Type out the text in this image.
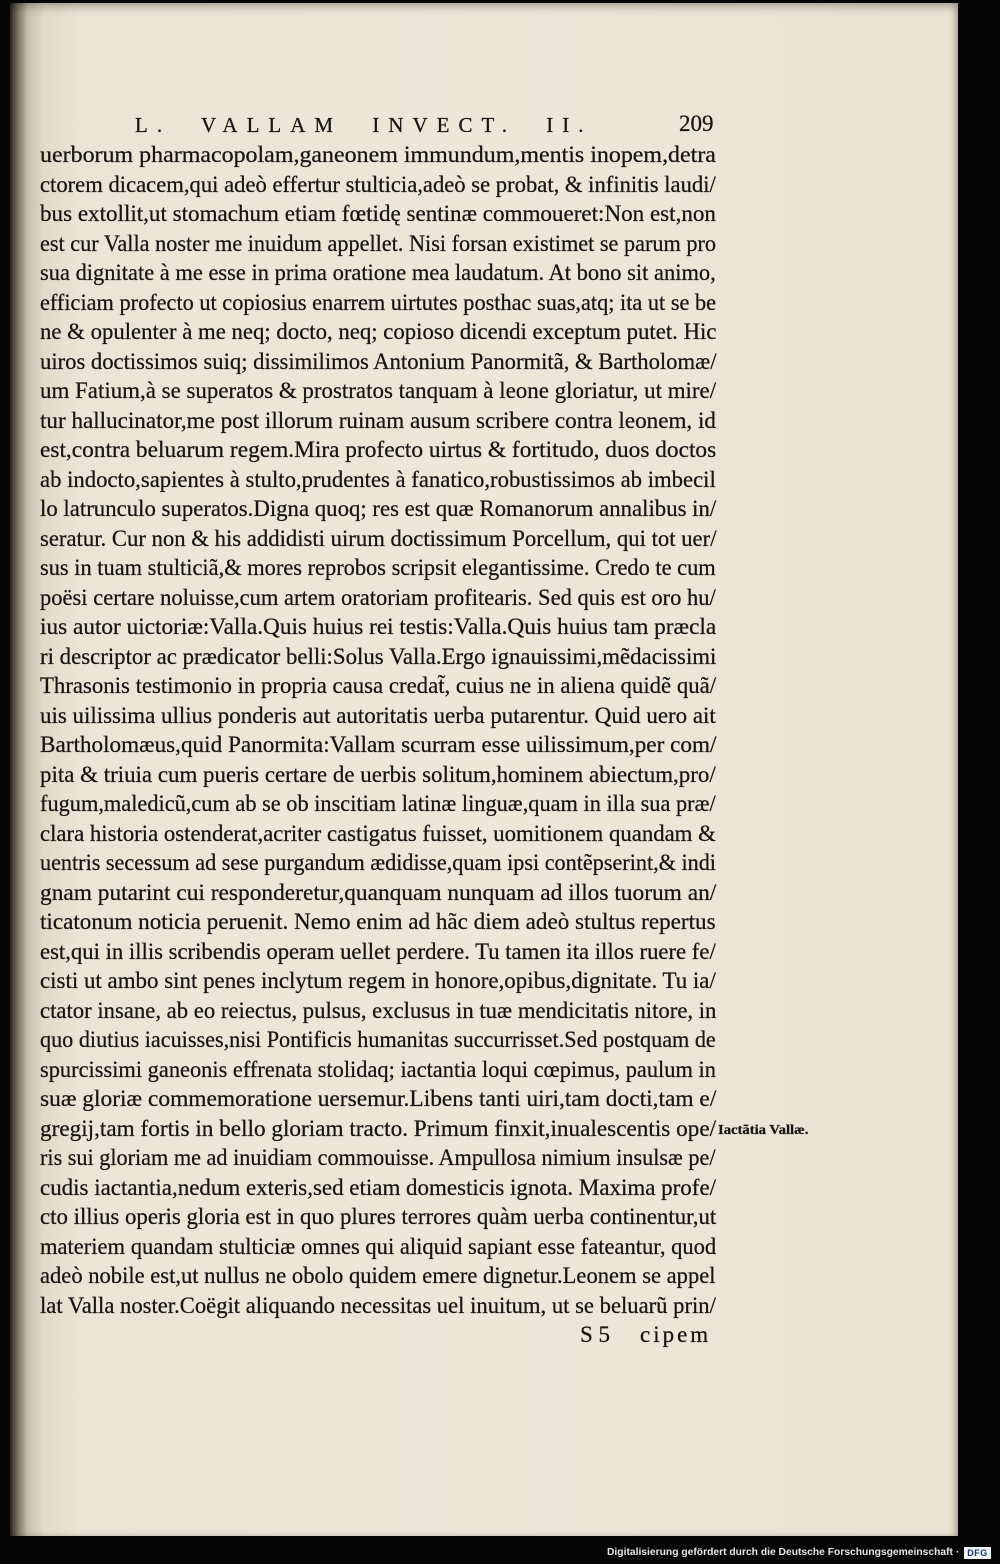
L. VALLAM INVECT. II.	209
uerborum pharmacopolam,ganeonem immundum,mentis inopem,detra
ctorem dicacem,qui adeò effertur stulticia,adeò se probat, & infinitis laudi/
bus extollit,ut stomachum etiam fœtidę sentinæ commoueret:Non est,non
est cur Valla noster me inuidum appellet. Nisi forsan existimet se parum pro
sua dignitate à me esse in prima oratione mea laudatum. At bono sit animo,
efficiam profecto ut copiosius enarrem uirtutes posthac suas,atq; ita ut se be
ne & opulenter à me neq; docto, neq; copioso dicendi exceptum putet. Hic
uiros doctissimos suiq; dissimilimos Antonium Panormitã, & Bartholomæ/
um Fatium,à se superatos & prostratos tanquam à leone gloriatur, ut mire/
tur hallucinator,me post illorum ruinam ausum scribere contra leonem, id
est,contra beluarum regem.Mira profecto uirtus & fortitudo, duos doctos
ab indocto,sapientes à stulto,prudentes à fanatico,robustissimos ab imbecil
lo latrunculo superatos.Digna quoq; res est quæ Romanorum annalibus in/
seratur. Cur non & his addidisti uirum doctissimum Porcellum, qui tot uer/
sus in tuam stulticiã,& mores reprobos scripsit elegantissime. Credo te cum
poësi certare noluisse,cum artem oratoriam profitearis. Sed quis est oro hu/
ius autor uictoriæ:Valla.Quis huius rei testis:Valla.Quis huius tam præcla
ri descriptor ac prædicator belli:Solus Valla.Ergo ignauissimi,mẽdacissimi
Thrasonis testimonio in propria causa credat̃, cuius ne in aliena quidẽ quã/
uis uilissima ullius ponderis aut autoritatis uerba putarentur. Quid uero ait
Bartholomæus,quid Panormita:Vallam scurram esse uilissimum,per com/
pita & triuia cum pueris certare de uerbis solitum,hominem abiectum,pro/
fugum,maledicũ,cum ab se ob inscitiam latinæ linguæ,quam in illa sua præ/
clara historia ostenderat,acriter castigatus fuisset, uomitionem quandam &
uentris secessum ad sese purgandum ædidisse,quam ipsi contẽpserint,& indi
gnam putarint cui responderetur,quanquam nunquam ad illos tuorum an/
ticatonum noticia peruenit. Nemo enim ad hãc diem adeò stultus repertus
est,qui in illis scribendis operam uellet perdere. Tu tamen ita illos ruere fe/
cisti ut ambo sint penes inclytum regem in honore,opibus,dignitate. Tu ia/
ctator insane, ab eo reiectus, pulsus, exclusus in tuæ mendicitatis nitore, in
quo diutius iacuisses,nisi Pontificis humanitas succurrisset.Sed postquam de
spurcissimi ganeonis effrenata stolidaq; iactantia loqui cœpimus, paulum in
suæ gloriæ commemoratione uersemur.Libens tanti uiri,tam docti,tam e/
gregij,tam fortis in bello gloriam tracto. Primum finxit,inualescentis ope/
ris sui gloriam me ad inuidiam commouisse. Ampullosa nimium insulsæ pe/
cudis iactantia,nedum exteris,sed etiam domesticis ignota. Maxima profe/
cto illius operis gloria est in quo plures terrores quàm uerba continentur,ut
materiem quandam stulticiæ omnes qui aliquid sapiant esse fateantur, quod
adeò nobile est,ut nullus ne obolo quidem emere dignetur.Leonem se appel
lat Valla noster.Coëgit aliquando necessitas uel inuitum, ut se beluarũ prin/
S 5 cipem
Iactãtia Vallæ.
Digitalisierung gefördert durch die Deutsche Forschungsgemeinschaft · DFG
